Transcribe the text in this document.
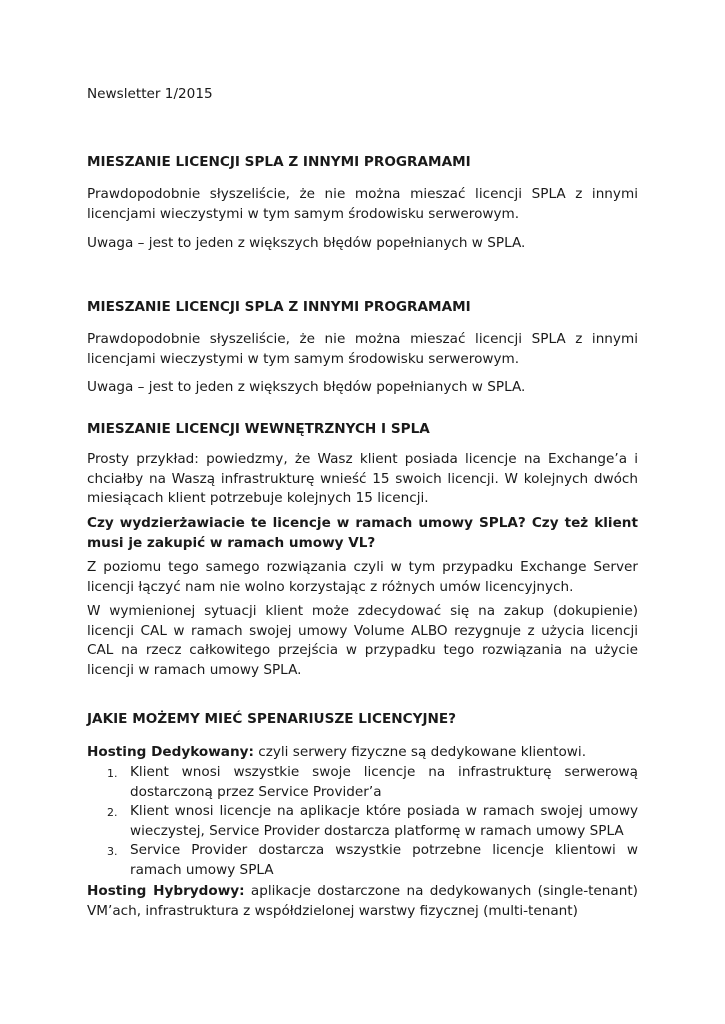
Newsletter 1/2015

MIESZANIE LICENCJI SPLA Z INNYMI PROGRAMAMI

Prawdopodobnie słyszeliście, że nie można mieszać licencji SPLA z innymi licencjami wieczystymi w tym samym środowisku serwerowym.

Uwaga – jest to jeden z większych błędów popełnianych w SPLA.

MIESZANIE LICENCJI SPLA Z INNYMI PROGRAMAMI

Prawdopodobnie słyszeliście, że nie można mieszać licencji SPLA z innymi licencjami wieczystymi w tym samym środowisku serwerowym.

Uwaga – jest to jeden z większych błędów popełnianych w SPLA.

MIESZANIE LICENCJI WEWNĘTRZNYCH I SPLA

Prosty przykład: powiedzmy, że Wasz klient posiada licencje na Exchange’a i chciałby na Waszą infrastrukturę wnieść 15 swoich licencji. W kolejnych dwóch miesiącach klient potrzebuje kolejnych 15 licencji.

Czy wydzierżawiacie te licencje w ramach umowy SPLA? Czy też klient musi je zakupić w ramach umowy VL?

Z poziomu tego samego rozwiązania czyli w tym przypadku Exchange Server licencji łączyć nam nie wolno korzystając z różnych umów licencyjnych.

W wymienionej sytuacji klient może zdecydować się na zakup (dokupienie) licencji CAL w ramach swojej umowy Volume ALBO rezygnuje z użycia licencji CAL na rzecz całkowitego przejścia w przypadku tego rozwiązania na użycie licencji w ramach umowy SPLA.

JAKIE MOŻEMY MIEĆ SPENARIUSZE LICENCYJNE?

Hosting Dedykowany: czyli serwery fizyczne są dedykowane klientowi.

1. Klient wnosi wszystkie swoje licencje na infrastrukturę serwerową dostarczoną przez Service Provider’a
2. Klient wnosi licencje na aplikacje które posiada w ramach swojej umowy wieczystej, Service Provider dostarcza platformę w ramach umowy SPLA
3. Service Provider dostarcza wszystkie potrzebne licencje klientowi w ramach umowy SPLA

Hosting Hybrydowy: aplikacje dostarczone na dedykowanych (single-tenant) VM’ach, infrastruktura z współdzielonej warstwy fizycznej (multi-tenant)
